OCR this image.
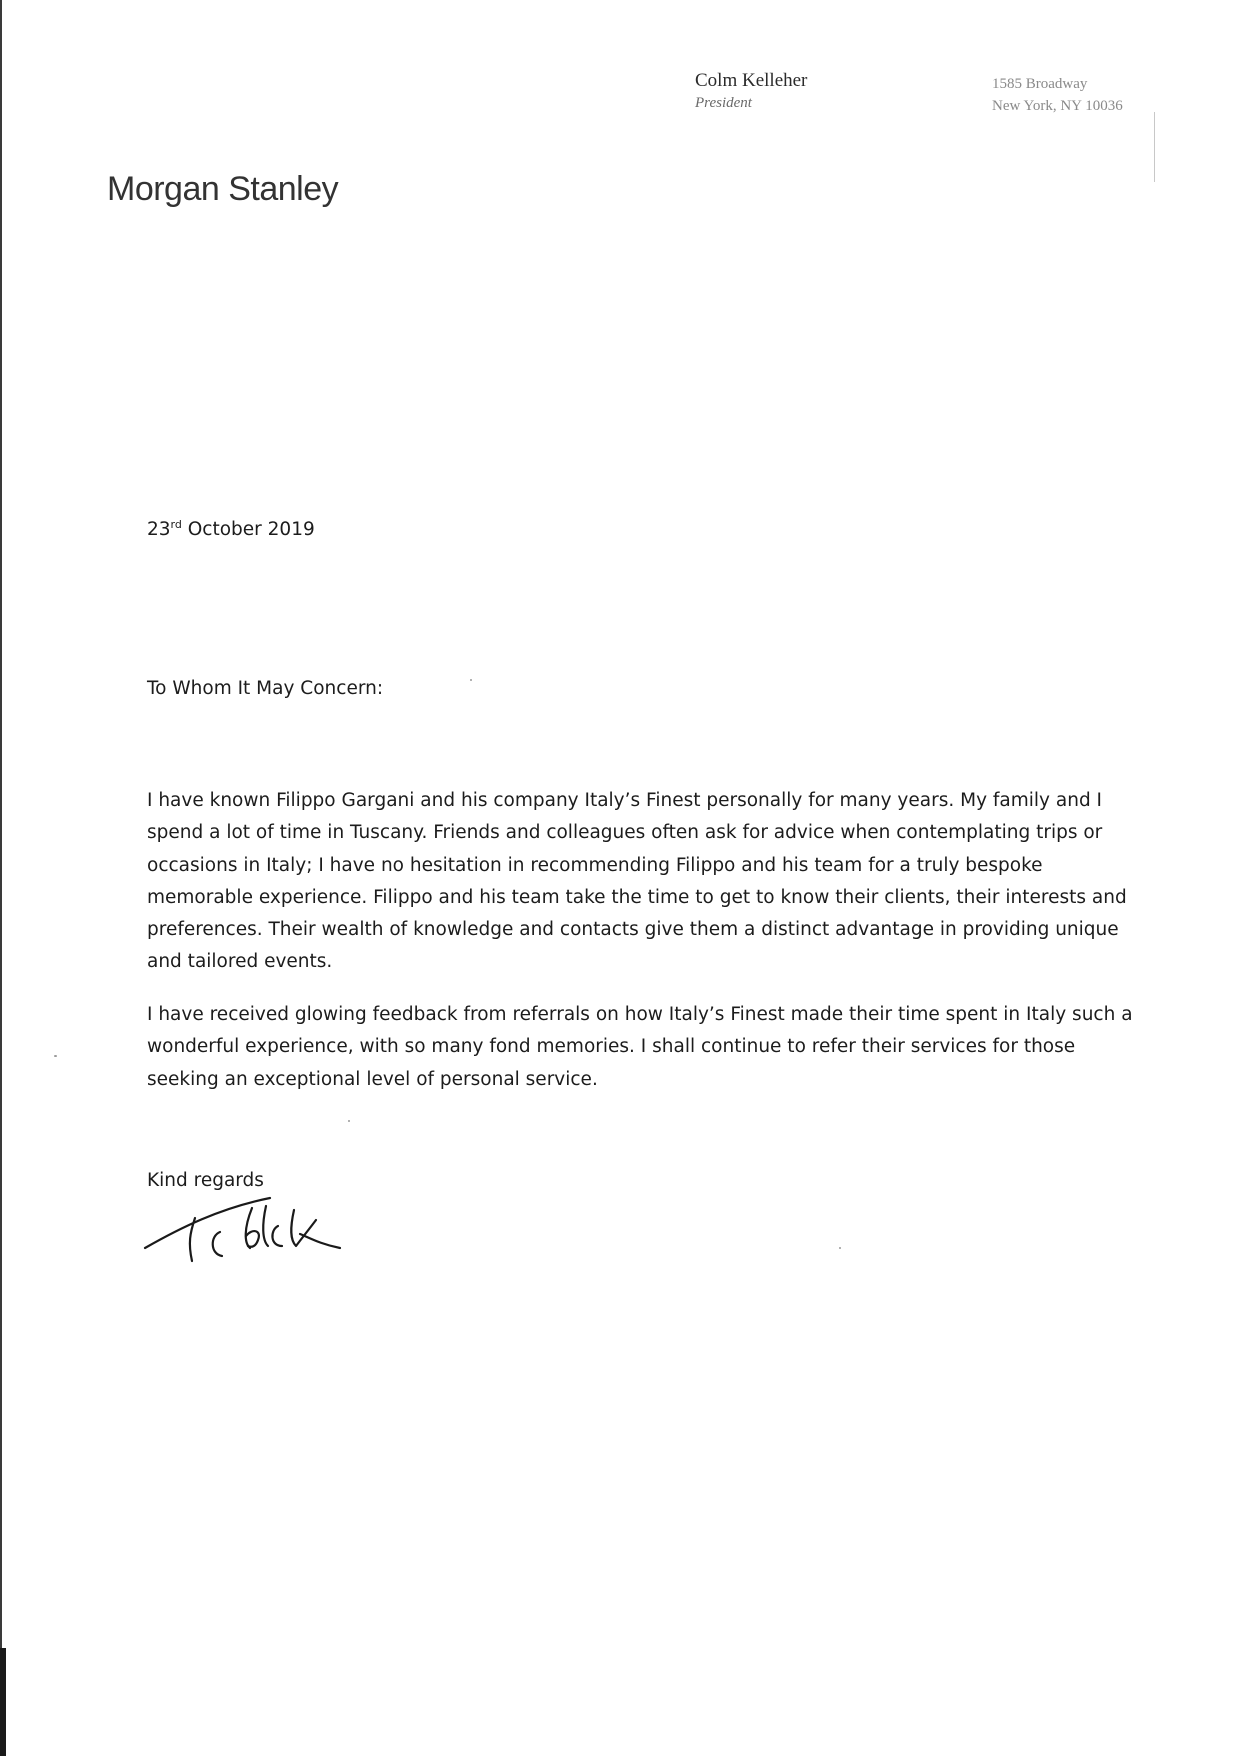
Colm Kelleher
President
1585 Broadway
New York, NY 10036
Morgan Stanley
23rd October 2019
To Whom It May Concern:

I have known Filippo Gargani and his company Italy’s Finest personally for many years. My family and I spend a lot of time in Tuscany. Friends and colleagues often ask for advice when contemplating trips or occasions in Italy; I have no hesitation in recommending Filippo and his team for a truly bespoke memorable experience. Filippo and his team take the time to get to know their clients, their interests and preferences. Their wealth of knowledge and contacts give them a distinct advantage in providing unique and tailored events.

I have received glowing feedback from referrals on how Italy’s Finest made their time spent in Italy such a wonderful experience, with so many fond memories. I shall continue to refer their services for those seeking an exceptional level of personal service.

Kind regards
